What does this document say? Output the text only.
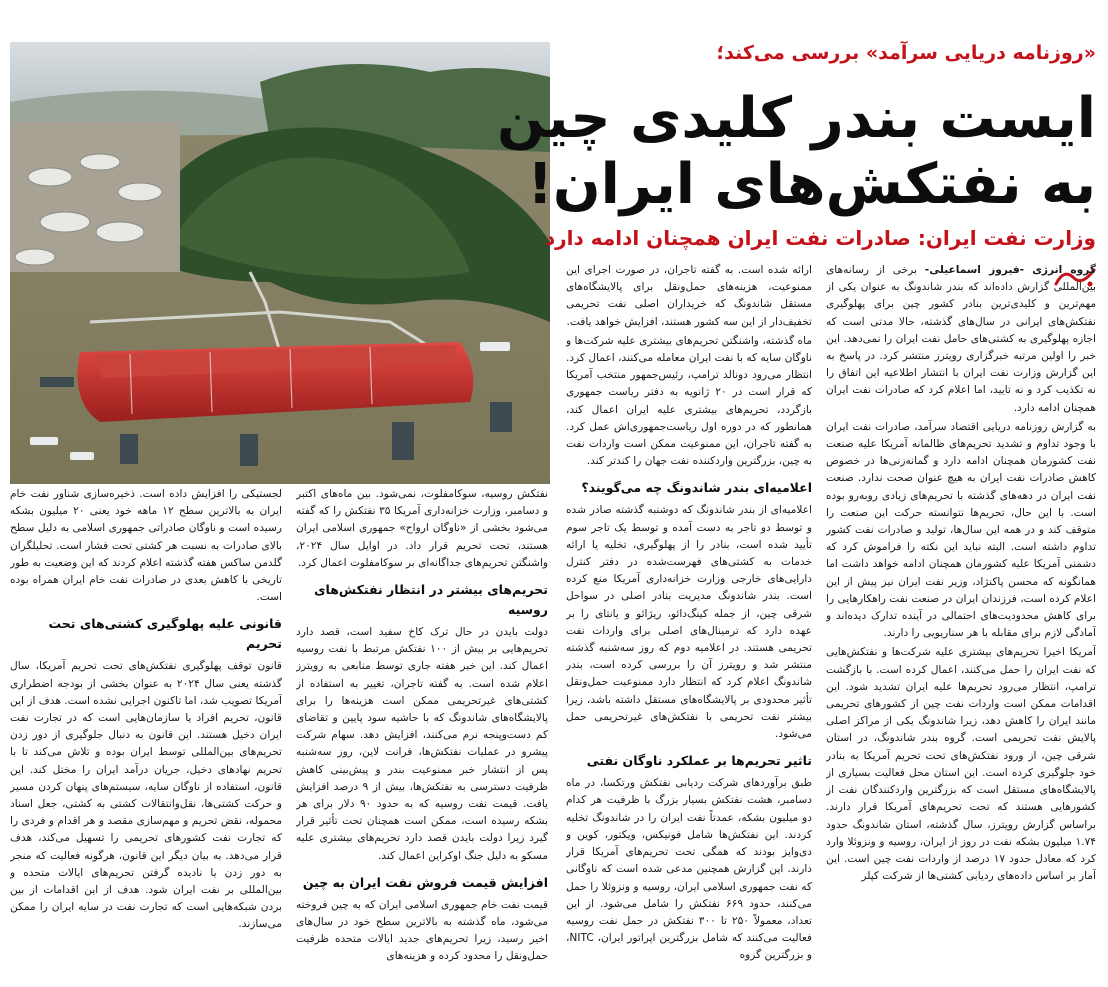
«روزنامه دریایی سرآمد» بررسی می‌کند؛
ایست بندر کلیدی چین
به نفتکش‌های ایران!
وزارت نفت ایران: صادرات نفت ایران همچنان ادامه دارد

گروه انرژی -فیروز اسماعیلی- برخی از رسانه‌های بین‌المللی گزارش داده‌اند که بندر شاندونگ به عنوان یکی از مهم‌ترین و کلیدی‌ترین بنادر کشور چین برای پهلوگیری نفتکش‌های ایرانی در سال‌های گذشته، حالا مدتی است که اجازه پهلوگیری به کشتی‌های حامل نفت ایران را نمی‌دهد. این خبر را اولین مرتبه خبرگزاری رویترز منتشر کرد. در پاسخ به این گزارش وزارت نفت ایران با انتشار اطلاعیه این اتفاق را نه تکذیب کرد و نه تایید، اما اعلام کرد که صادرات نفت ایران همچنان ادامه دارد.

به گزارش روزنامه دریایی اقتصاد سرآمد، صادرات نفت ایران با وجود تداوم و تشدید تحریم‌های ظالمانه آمریکا علیه صنعت نفت کشورمان همچنان ادامه دارد و گمانه‌زنی‌ها در خصوص کاهش صادرات نفت ایران به هیچ عنوان صحت ندارد. صنعت نفت ایران در دهه‌های گذشته با تحریم‌های زیادی روبه‌رو بوده است. با این حال، تحریم‌ها نتوانسته حرکت این صنعت را متوقف کند و در همه این سال‌ها، تولید و صادرات نفت کشور تداوم داشته است. البته نباید این نکته را فراموش کرد که دشمنی آمریکا علیه کشورمان همچنان ادامه خواهد داشت اما همانگونه که محسن پاکنژاد، وزیر نفت ایران نیز پیش از این اعلام کرده است، فرزندان ایران در صنعت نفت راهکارهایی را برای کاهش محدودیت‌های احتمالی در آینده تدارک دیده‌اند و آمادگی لازم برای مقابله با هر سناریویی را دارند.

آمریکا اخیرا تحریم‌های بیشتری علیه شرکت‌ها و نفتکش‌هایی که نفت ایران را حمل می‌کنند، اعمال کرده است. با بازگشت ترامپ، انتظار می‌رود تحریم‌ها علیه ایران تشدید شود. این اقدامات ممکن است واردات نفت چین از کشورهای تحریمی مانند ایران را کاهش دهد، زیرا شاندونگ یکی از مراکز اصلی پالایش نفت تحریمی است. گروه بندر شاندونگ، در استان شرقی چین، از ورود نفتکش‌های تحت تحریم آمریکا به بنادر خود جلوگیری کرده است. این استان محل فعالیت بسیاری از پالایشگاه‌های مستقل است که بزرگترین واردکنندگان نفت از کشورهایی هستند که تحت تحریم‌های آمریکا قرار دارند. براساس گزارش رویترز، سال گذشته، استان شاندونگ حدود ۱.۷۴ میلیون بشکه نفت در روز از ایران، روسیه و ونزوئلا وارد کرد که معادل حدود ۱۷ درصد از واردات نفت چین است. این آمار بر اساس داده‌های ردیابی کشتی‌ها از شرکت کپلر

ارائه شده است. به گفته تاجران، در صورت اجرای این ممنوعیت، هزینه‌های حمل‌ونقل برای پالایشگاه‌های مستقل شاندونگ که خریداران اصلی نفت تحریمی تخفیف‌دار از این سه کشور هستند، افزایش خواهد یافت.

ماه گذشته، واشنگتن تحریم‌های بیشتری علیه شرکت‌ها و ناوگان سایه که با نفت ایران معامله می‌کنند، اعمال کرد. انتظار می‌رود دونالد ترامپ، رئیس‌جمهور منتخب آمریکا که قرار است در ۲۰ ژانویه به دفتر ریاست جمهوری بازگردد، تحریم‌های بیشتری علیه ایران اعمال کند، همانطور که در دوره اول ریاست‌جمهوری‌اش عمل کرد. به گفته تاجران، این ممنوعیت ممکن است واردات نفت به چین، بزرگترین واردکننده نفت جهان را کندتر کند.

اعلامیه‌ای بندر شاندونگ چه می‌گویند؟

اعلامیه‌ای از بندر شاندونگ که دوشنبه گذشته صادر شده و توسط دو تاجر به دست آمده و توسط یک تاجر سوم تأیید شده است، بنادر را از پهلوگیری، تخلیه یا ارائه خدمات به کشتی‌های فهرست‌شده در دفتر کنترل دارایی‌های خارجی وزارت خزانه‌داری آمریکا منع کرده است. بندر شاندونگ مدیریت بنادر اصلی در سواحل شرقی چین، از جمله کینگ‌دائو، ریژائو و یانتای را بر عهده دارد که ترمینال‌های اصلی برای واردات نفت تحریمی هستند. در اعلامیه دوم که روز سه‌شنبه گذشته منتشر شد و رویترز آن را بررسی کرده است، بندر شاندونگ اعلام کرد که انتظار دارد ممنوعیت حمل‌ونقل تأثیر محدودی بر پالایشگاه‌های مستقل داشته باشد، زیرا بیشتر نفت تحریمی با نفتکش‌های غیرتحریمی حمل می‌شود.

تاثیر تحریم‌ها بر عملکرد ناوگان نفتی

طبق برآوردهای شرکت ردیابی نفتکش ورتکسا، در ماه دسامبر، هشت نفتکش بسیار بزرگ با ظرفیت هر کدام دو میلیون بشکه، عمدتاً نفت ایران را در شاندونگ تخلیه کردند. این نفتکش‌ها شامل فونیکس، ویکتور، کوین و دی‌وایز بودند که همگی تحت تحریم‌های آمریکا قرار دارند. این گزارش همچنین مدعی شده است که ناوگانی که نفت جمهوری اسلامی ایران، روسیه و ونزوئلا را حمل می‌کنند، حدود ۶۶۹ نفتکش را شامل می‌شود. از این تعداد، معمولاً ۲۵۰ تا ۳۰۰ نفتکش در حمل نفت روسیه فعالیت می‌کنند که شامل بزرگترین اپراتور ایران، NITC، و بزرگترین گروه

نفتکش روسیه، سوکامفلوت، نمی‌شود. بین ماه‌های اکتبر و دسامبر، وزارت خزانه‌داری آمریکا ۳۵ نفتکش را که گفته می‌شود بخشی از «ناوگان ارواح» جمهوری اسلامی ایران هستند، تحت تحریم قرار داد. در اوایل سال ۲۰۲۴، واشنگتن تحریم‌های جداگانه‌ای بر سوکامفلوت اعمال کرد.

تحریم‌های بیشتر در انتظار نفتکش‌های روسیه

دولت بایدن در حال ترک کاخ سفید است، قصد دارد تحریم‌هایی بر بیش از ۱۰۰ نفتکش مرتبط با نفت روسیه اعمال کند. این خبر هفته جاری توسط منابعی به رویترز اعلام شده است. به گفته تاجران، تغییر به استفاده از کشتی‌های غیرتحریمی ممکن است هزینه‌ها را برای پالایشگاه‌های شاندونگ که با حاشیه سود پایین و تقاضای کم دست‌وپنجه نرم می‌کنند، افزایش دهد. سهام شرکت پیشرو در عملیات نفتکش‌ها، فرانت لاین، روز سه‌شنبه پس از انتشار خبر ممنوعیت بندر و پیش‌بینی کاهش ظرفیت دسترسی به نفتکش‌ها، بیش از ۹ درصد افزایش یافت. قیمت نفت روسیه که به حدود ۹۰ دلار برای هر بشکه رسیده است، ممکن است همچنان تحت تأثیر قرار گیرد زیرا دولت بایدن قصد دارد تحریم‌های بیشتری علیه مسکو به دلیل جنگ اوکراین اعمال کند.

افزایش قیمت فروش نفت ایران به چین

قیمت نفت خام جمهوری اسلامی ایران که به چین فروخته می‌شود، ماه گذشته به بالاترین سطح خود در سال‌های اخیر رسید، زیرا تحریم‌های جدید ایالات متحده ظرفیت حمل‌ونقل را محدود کرده و هزینه‌های

لجستیکی را افزایش داده است. ذخیره‌سازی شناور نفت خام ایران به بالاترین سطح ۱۲ ماهه خود یعنی ۲۰ میلیون بشکه رسیده است و ناوگان صادراتی جمهوری اسلامی به دلیل سطح بالای صادرات به نسبت هر کشتی تحت فشار است. تحلیلگران گلدمن ساکس هفته گذشته اعلام کردند که این وضعیت به طور تاریخی با کاهش بعدی در صادرات نفت خام ایران همراه بوده است.

قانونی علیه پهلوگیری کشتی‌های تحت تحریم

قانون توقف پهلوگیری نفتکش‌های تحت تحریم آمریکا، سال گذشته یعنی سال ۲۰۲۴ به عنوان بخشی از بودجه اضطراری آمریکا تصویب شد، اما تاکنون اجرایی نشده است. هدف از این قانون، تحریم افراد یا سازمان‌هایی است که در تجارت نفت ایران دخیل هستند. این قانون به دنبال جلوگیری از دور زدن تحریم‌های بین‌المللی توسط ایران بوده و تلاش می‌کند تا با تحریم نهادهای دخیل، جریان درآمد ایران را مختل کند. این قانون، استفاده از ناوگان سایه، سیستم‌های پنهان کردن مسیر و حرکت کشتی‌ها، نقل‌وانتقالات کشتی به کشتی، جعل اسناد محموله، نقض تحریم و مهم‌سازی مقصد و هر اقدام و فردی را که تجارت نفت کشورهای تحریمی را تسهیل می‌کند، هدف قرار می‌دهد. به بیان دیگر این قانون، هرگونه فعالیت که منجر به دور زدن یا نادیده گرفتن تحریم‌های ایالات متحده و بین‌المللی بر نفت ایران شود. هدف از این اقدامات از بین بردن شبکه‌هایی است که تجارت نفت در سایه ایران را ممکن می‌سازند.
